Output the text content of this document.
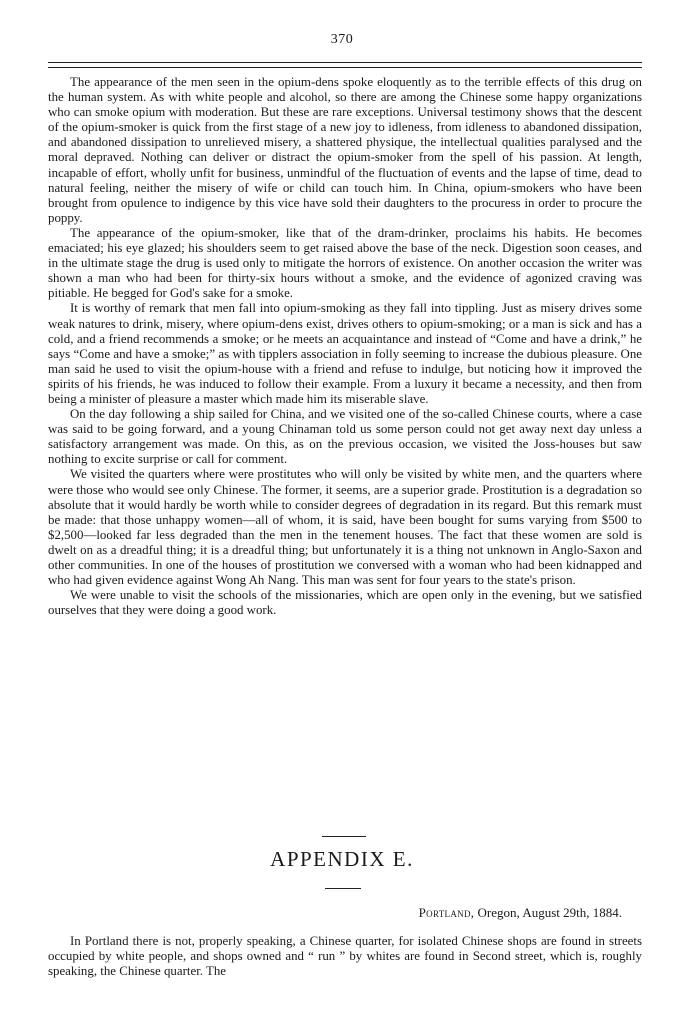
370

The appearance of the men seen in the opium-dens spoke eloquently as to the terrible effects of this drug on the human system. As with white people and alcohol, so there are among the Chinese some happy organizations who can smoke opium with moderation. But these are rare exceptions. Universal testimony shows that the descent of the opium-smoker is quick from the first stage of a new joy to idleness, from idleness to abandoned dissipation, and abandoned dissipation to unrelieved misery, a shattered physique, the intellectual qualities paralysed and the moral depraved. Nothing can deliver or distract the opium-smoker from the spell of his passion. At length, incapable of effort, wholly unfit for business, unmindful of the fluctuation of events and the lapse of time, dead to natural feeling, neither the misery of wife or child can touch him. In China, opium-smokers who have been brought from opulence to indigence by this vice have sold their daughters to the procuress in order to procure the poppy.

The appearance of the opium-smoker, like that of the dram-drinker, proclaims his habits. He becomes emaciated; his eye glazed; his shoulders seem to get raised above the base of the neck. Digestion soon ceases, and in the ultimate stage the drug is used only to mitigate the horrors of existence. On another occasion the writer was shown a man who had been for thirty-six hours without a smoke, and the evidence of agonized craving was pitiable. He begged for God's sake for a smoke.

It is worthy of remark that men fall into opium-smoking as they fall into tippling. Just as misery drives some weak natures to drink, misery, where opium-dens exist, drives others to opium-smoking; or a man is sick and has a cold, and a friend recommends a smoke; or he meets an acquaintance and instead of “Come and have a drink,” he says “Come and have a smoke;” as with tipplers association in folly seeming to increase the dubious pleasure. One man said he used to visit the opium-house with a friend and refuse to indulge, but noticing how it improved the spirits of his friends, he was induced to follow their example. From a luxury it became a necessity, and then from being a minister of pleasure a master which made him its miserable slave.

On the day following a ship sailed for China, and we visited one of the so-called Chinese courts, where a case was said to be going forward, and a young Chinaman told us some person could not get away next day unless a satisfactory arrangement was made. On this, as on the previous occasion, we visited the Joss-houses but saw nothing to excite surprise or call for comment.

We visited the quarters where were prostitutes who will only be visited by white men, and the quarters where were those who would see only Chinese. The former, it seems, are a superior grade. Prostitution is a degradation so absolute that it would hardly be worth while to consider degrees of degradation in its regard. But this remark must be made: that those unhappy women—all of whom, it is said, have been bought for sums varying from $500 to $2,500—looked far less degraded than the men in the tenement houses. The fact that these women are sold is dwelt on as a dreadful thing; it is a dreadful thing; but unfortunately it is a thing not unknown in Anglo-Saxon and other communities. In one of the houses of prostitution we conversed with a woman who had been kidnapped and who had given evidence against Wong Ah Nang. This man was sent for four years to the state's prison.

We were unable to visit the schools of the missionaries, which are open only in the evening, but we satisfied ourselves that they were doing a good work.

APPENDIX E.
Portland, Oregon, August 29th, 1884.

In Portland there is not, properly speaking, a Chinese quarter, for isolated Chinese shops are found in streets occupied by white people, and shops owned and “ run ” by whites are found in Second street, which is, roughly speaking, the Chinese quarter. The
